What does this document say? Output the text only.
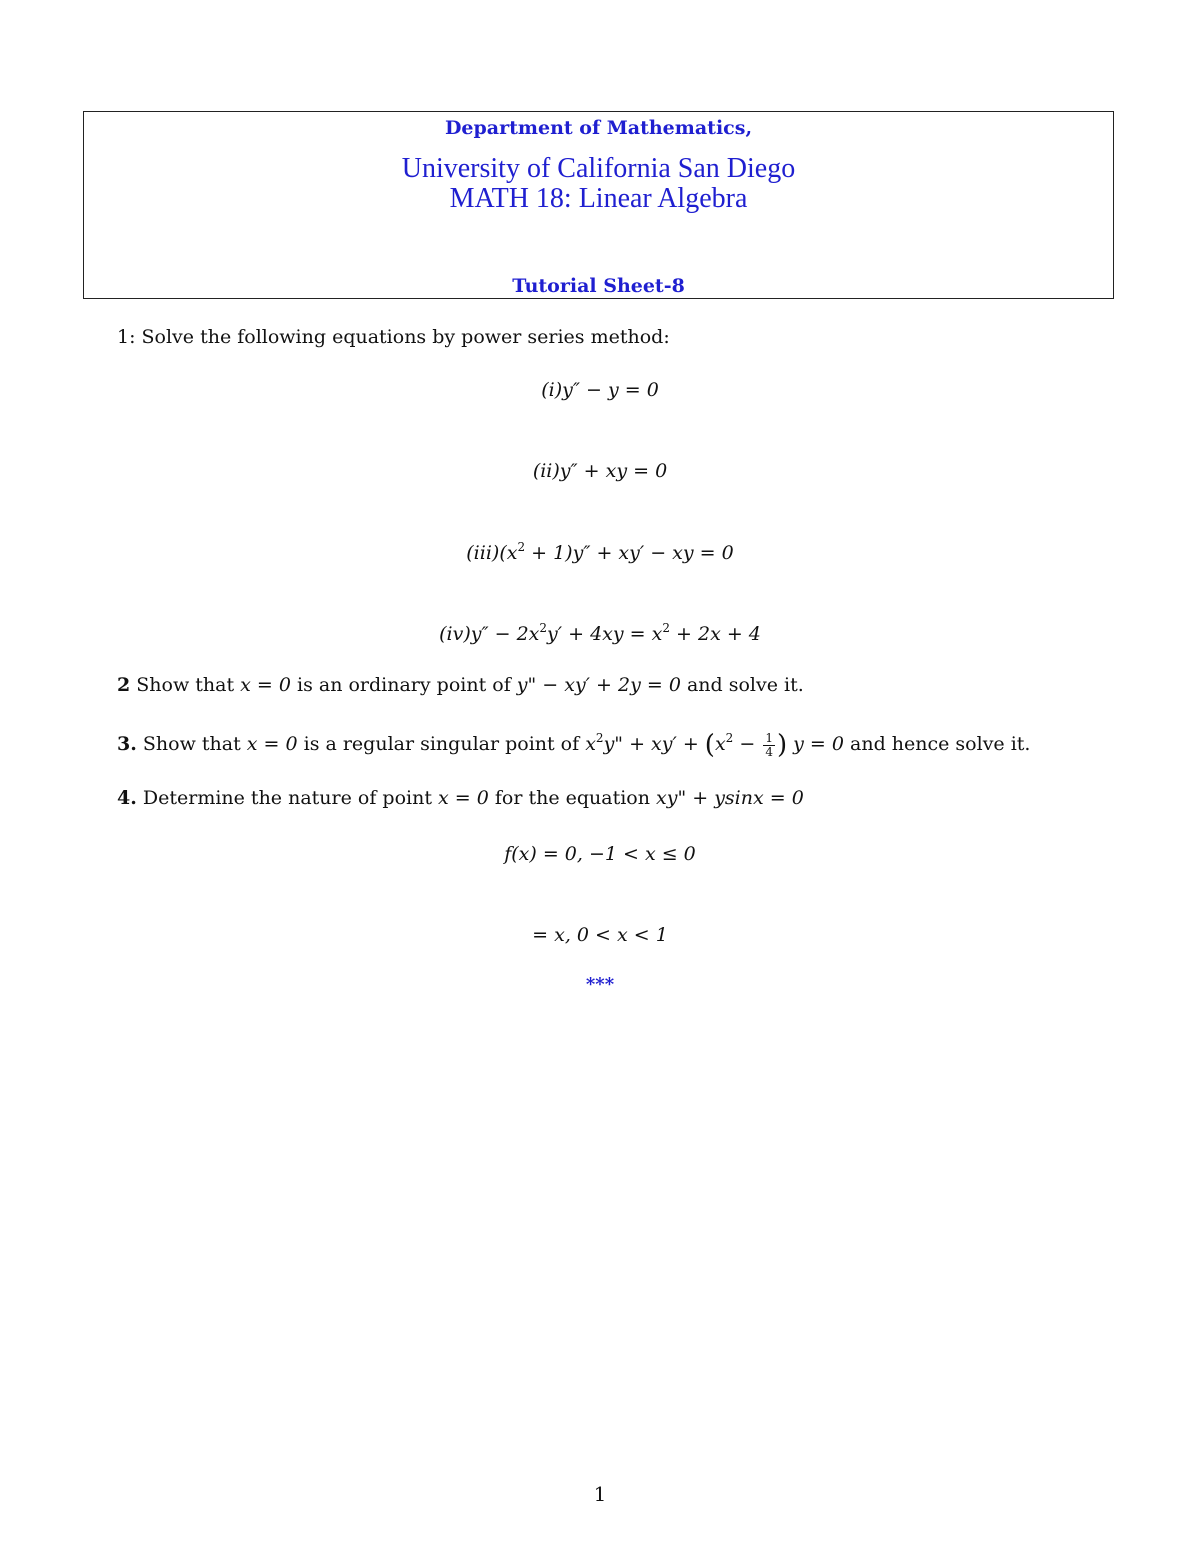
Department of Mathematics,
University of California San Diego
MATH 18: Linear Algebra
Tutorial Sheet-8
1: Solve the following equations by power series method:
(i)y″ − y = 0
(ii)y″ + xy = 0
$(iii)(x^2 + 1)y'' + xy'$ − xy = 0
$(iv)y'' - 2x^2y' + 4xy = x^2 + 2x + 4$
2 Show that x = 0 is an ordinary point of y" − xy′ + 2y = 0 and solve it.
3. Show that x = 0 is a regular singular point of $x^2y$" + $xy' + (x^2 - \frac{1}{4}$ ) y = 0 and hence solve it.
4. Determine the nature of point x = 0 for the equation xy" + ysinx = 0
f(x) = 0, −1 < x ≤ 0
= x, 0 < x < 1
***
1
